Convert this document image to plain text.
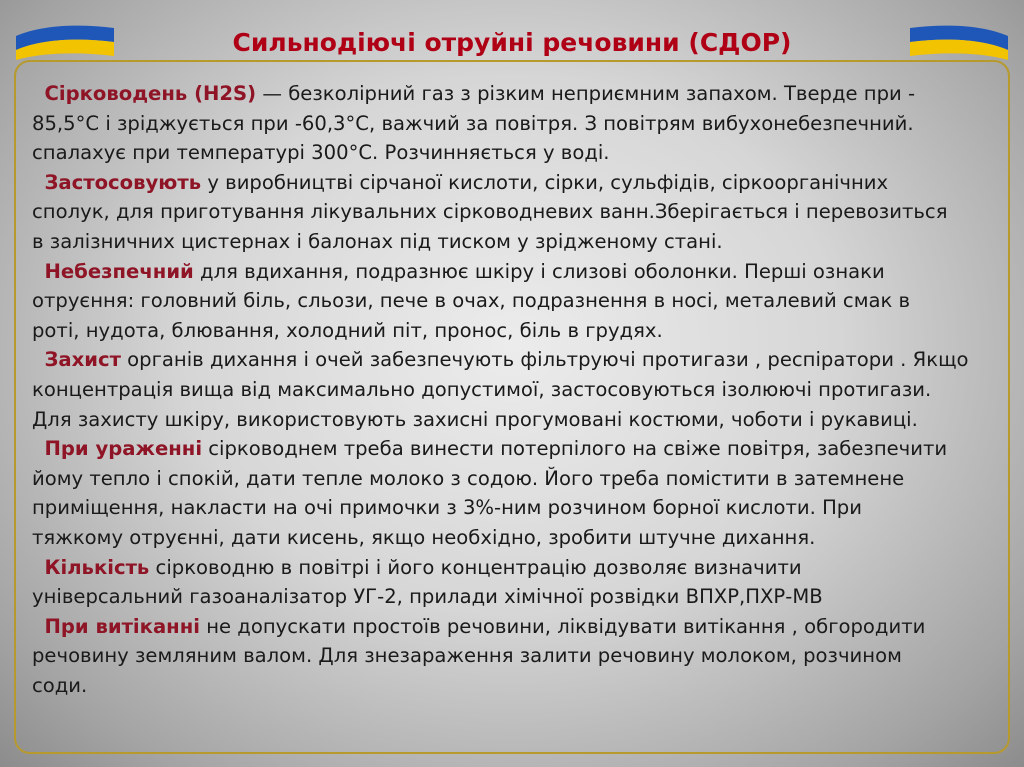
Сильнодіючі отруйні речовини (СДОР)

Сірководень (H2S) — безколірний газ з різким неприємним запахом. Тверде при -

85,5°С і зріджується при -60,3°С, важчий за повітря. З повітрям вибухонебезпечний.

спалахує при температурі 300°С. Розчинняється у воді.

Застосовують у виробництві сірчаної кислоти, сірки, сульфідів, сіркоорганічних

сполук, для приготування лікувальних сірководневих ванн.Зберігається і перевозиться

в залізничних цистернах і балонах під тиском у зрідженому стані.

Небезпечний для вдихання, подразнює шкіру і слизові оболонки. Перші ознаки

отруєння: головний біль, сльози, пече в очах, подразнення в носі, металевий смак в

роті, нудота, блювання, холодний піт, пронос, біль в грудях.

Захист органів дихання і очей забезпечують фільтруючі протигази , респіратори . Якщо

концентрація вища від максимально допустимої, застосовуються ізолюючі протигази.

Для захисту шкіру, використовують захисні прогумовані костюми, чоботи і рукавиці.

При ураженні сірководнем треба винести потерпілого на свіже повітря, забезпечити

йому тепло і спокій, дати тепле молоко з содою. Його треба помістити в затемнене

приміщення, накласти на очі примочки з 3%-ним розчином борної кислоти. При

тяжкому отруєнні, дати кисень, якщо необхідно, зробити штучне дихання.

Кількість сірководню в повітрі і його концентрацію дозволяє визначити

універсальний газоаналізатор УГ-2, прилади хімічної розвідки ВПХР,ПХР-МВ

При витіканні не допускати простоїв речовини, ліквідувати витікання , обгородити

речовину земляним валом. Для знезараження залити речовину молоком, розчином

соди.
